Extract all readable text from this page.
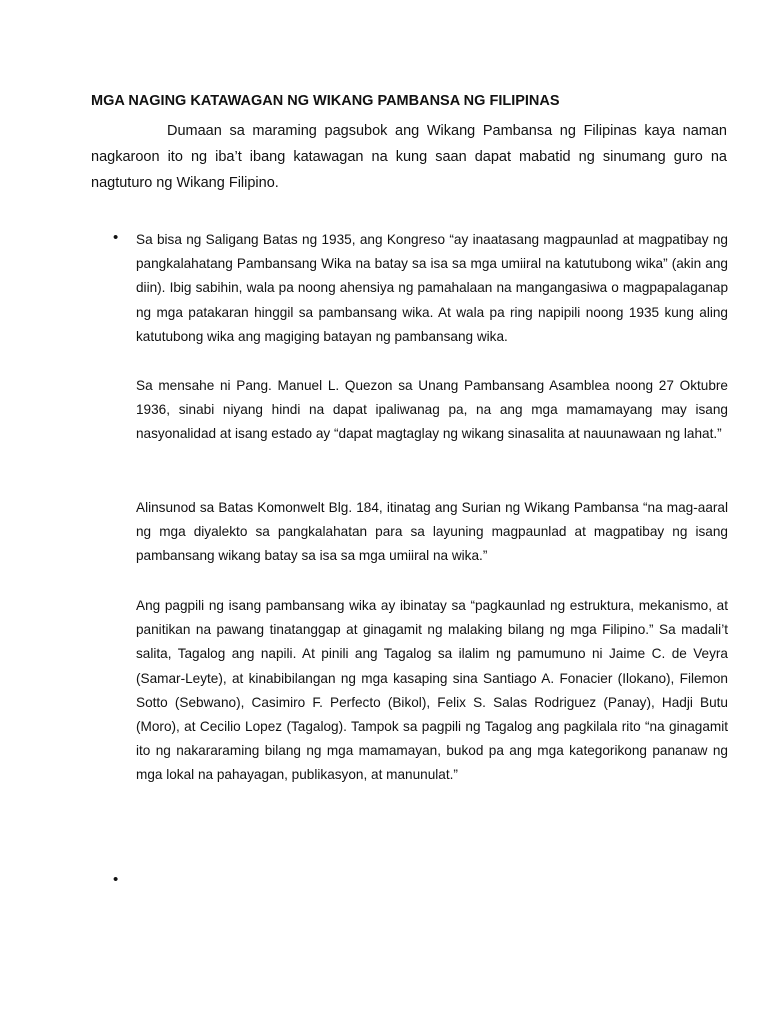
MGA NAGING KATAWAGAN NG WIKANG PAMBANSA NG FILIPINAS

Dumaan sa maraming pagsubok ang Wikang Pambansa ng Filipinas kaya naman nagkaroon ito ng iba’t ibang katawagan na kung saan dapat mabatid ng sinumang guro na nagtuturo ng Wikang Filipino.

•	Sa bisa ng Saligang Batas ng 1935, ang Kongreso “ay inaatasang magpaunlad at magpatibay ng pangkalahatang Pambansang Wika na batay sa isa sa mga umiiral na katutubong wika” (akin ang diin). Ibig sabihin, wala pa noong ahensiya ng pamahalaan na mangangasiwa o magpapalaganap ng mga patakaran hinggil sa pambansang wika. At wala pa ring napipili noong 1935 kung aling katutubong wika ang magiging batayan ng pambansang wika.

Sa mensahe ni Pang. Manuel L. Quezon sa Unang Pambansang Asamblea noong 27 Oktubre 1936, sinabi niyang hindi na dapat ipaliwanag pa, na ang mga mamamayang may isang nasyonalidad at isang estado ay “dapat magtaglay ng wikang sinasalita at nauunawaan ng lahat.”

Alinsunod sa Batas Komonwelt Blg. 184, itinatag ang Surian ng Wikang Pambansa “na mag-aaral ng mga diyalekto sa pangkalahatan para sa layuning magpaunlad at magpatibay ng isang pambansang wikang batay sa isa sa mga umiiral na wika.”

Ang pagpili ng isang pambansang wika ay ibinatay sa “pagkaunlad ng estruktura, mekanismo, at panitikan na pawang tinatanggap at ginagamit ng malaking bilang ng mga Filipino.” Sa madali’t salita, Tagalog ang napili. At pinili ang Tagalog sa ilalim ng pamumuno ni Jaime C. de Veyra (Samar-Leyte), at kinabibilangan ng mga kasaping sina Santiago A. Fonacier (Ilokano), Filemon Sotto (Sebwano), Casimiro F. Perfecto (Bikol), Felix S. Salas Rodriguez (Panay), Hadji Butu (Moro), at Cecilio Lopez (Tagalog). Tampok sa pagpili ng Tagalog ang pagkilala rito “na ginagamit ito ng nakararaming bilang ng mga mamamayan, bukod pa ang mga kategorikong pananaw ng mga lokal na pahayagan, publikasyon, at manunulat.”

•
